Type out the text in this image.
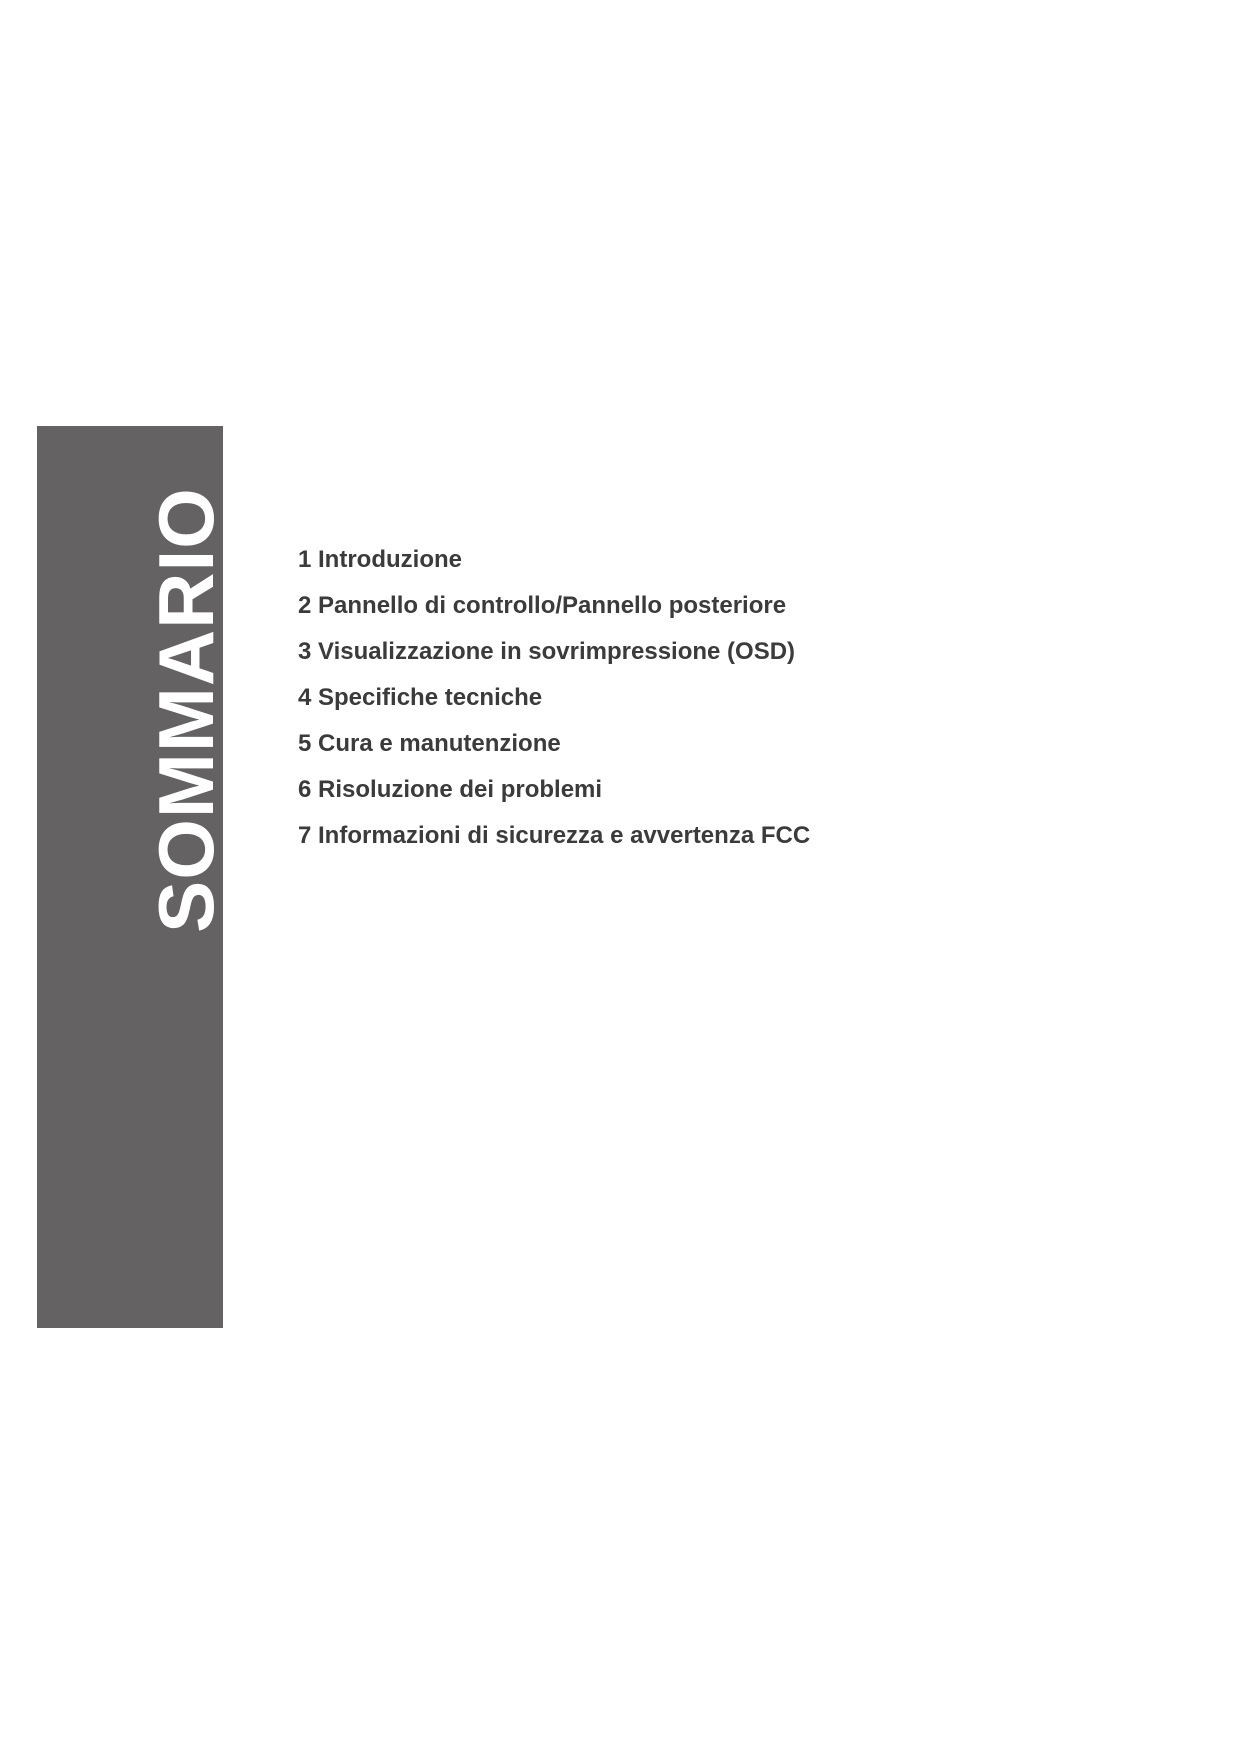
SOMMARIO	1 Introduzione
2 Pannello di controllo/Pannello posteriore
3 Visualizzazione in sovrimpressione (OSD)
4 Specifiche tecniche
5 Cura e manutenzione
6 Risoluzione dei problemi
7 Informazioni di sicurezza e avvertenza FCC
